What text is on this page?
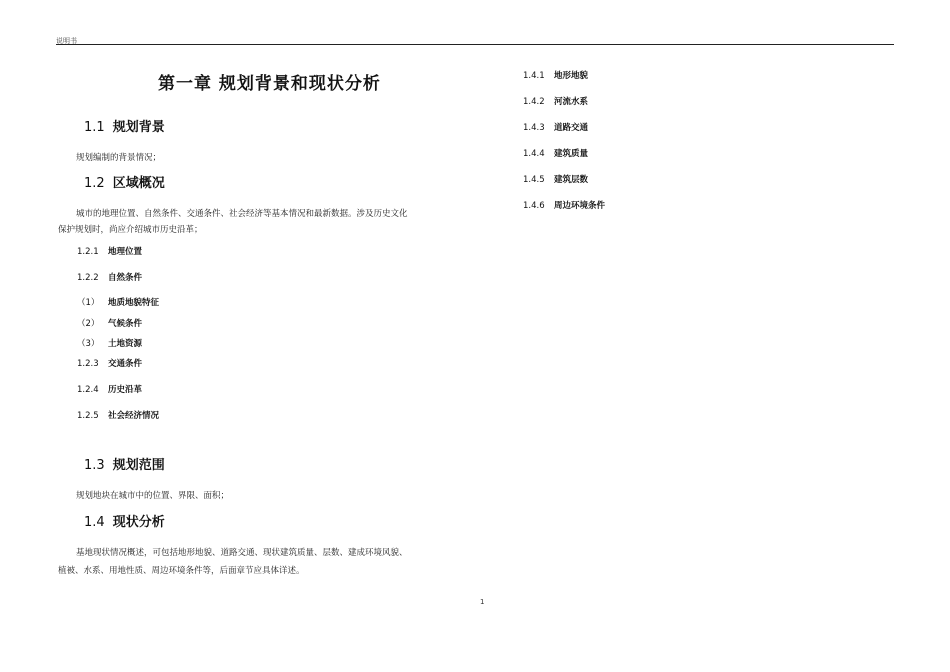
说明书
第一章 规划背景和现状分析
1.1 规划背景
规划编制的背景情况；
1.2 区域概况
城市的地理位置、自然条件、交通条件、社会经济等基本情况和最新数据。涉及历史文化
保护规划时，尚应介绍城市历史沿革；
1.2.1 地理位置
1.2.2 自然条件
（1） 地质地貌特征
（2） 气候条件
（3） 土地资源
1.2.3 交通条件
1.2.4 历史沿革
1.2.5 社会经济情况
1.3 规划范围
规划地块在城市中的位置、界限、面积；
1.4 现状分析
基地现状情况概述，可包括地形地貌、道路交通、现状建筑质量、层数、建成环境风貌、
植被、水系、用地性质、周边环境条件等，后面章节应具体详述。
1.4.1 地形地貌
1.4.2 河流水系
1.4.3 道路交通
1.4.4 建筑质量
1.4.5 建筑层数
1.4.6 周边环境条件
1
